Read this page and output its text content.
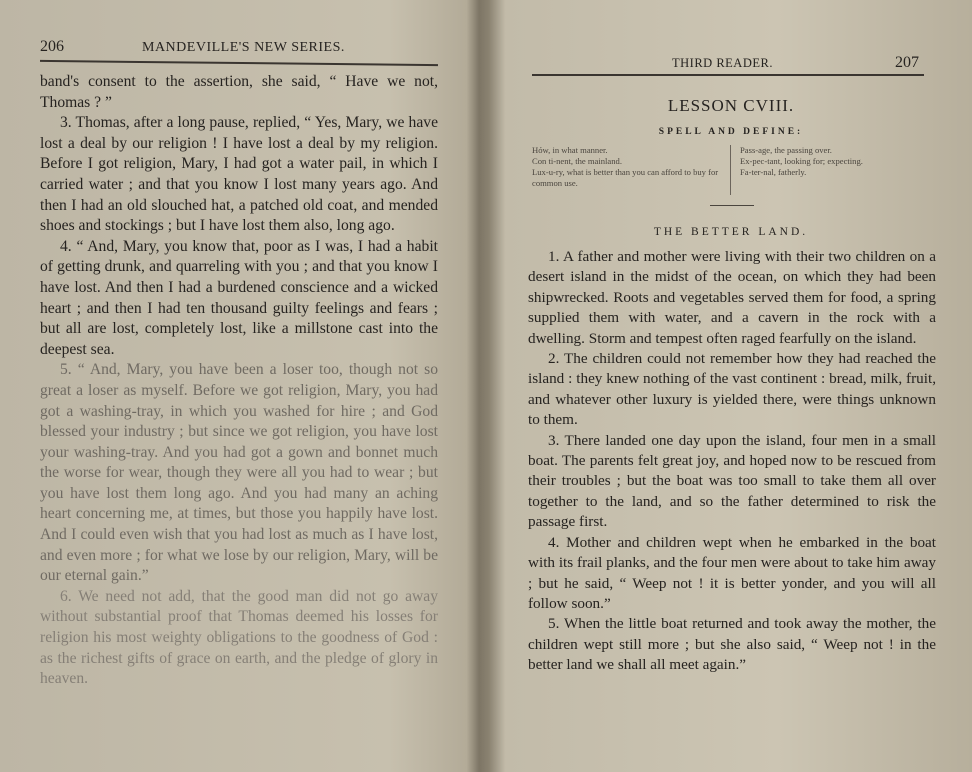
206	MANDEVILLE'S NEW SERIES.

band's consent to the assertion, she said, “ Have we not, Thomas ? ”

3. Thomas, after a long pause, replied, “ Yes, Mary, we have lost a deal by our religion ! I have lost a deal by my religion. Before I got religion, Mary, I had got a water pail, in which I carried water ; and that you know I lost many years ago. And then I had an old slouched hat, a patched old coat, and mended shoes and stockings ; but I have lost them also, long ago.

4. “ And, Mary, you know that, poor as I was, I had a habit of getting drunk, and quarreling with you ; and that you know I have lost. And then I had a burdened conscience and a wicked heart ; and then I had ten thousand guilty feelings and fears ; but all are lost, completely lost, like a millstone cast into the deepest sea.

5. “ And, Mary, you have been a loser too, though not so great a loser as myself. Before we got religion, Mary, you had got a washing-tray, in which you washed for hire ; and God blessed your industry ; but since we got religion, you have lost your washing-tray. And you had got a gown and bonnet much the worse for wear, though they were all you had to wear ; but you have lost them long ago. And you had many an aching heart concerning me, at times, but those you happily have lost. And I could even wish that you had lost as much as I have lost, and even more ; for what we lose by our religion, Mary, will be our eternal gain.”

6. We need not add, that the good man did not go away without substantial proof that Thomas deemed his losses for religion his most weighty obligations to the goodness of God : as the richest gifts of grace on earth, and the pledge of glory in heaven.

THIRD READER.	207
LESSON CVIII.
SPELL AND DEFINE:
Hów, in what manner.
Con ti-nent, the mainland.
Lux-u-ry, what is better than you can afford to buy for common use.
Pass-age, the passing over.
Ex-pec-tant, looking for; expecting.
Fa-ter-nal, fatherly.
THE BETTER LAND.

1. A father and mother were living with their two children on a desert island in the midst of the ocean, on which they had been shipwrecked. Roots and vegetables served them for food, a spring supplied them with water, and a cavern in the rock with a dwelling. Storm and tempest often raged fearfully on the island.

2. The children could not remember how they had reached the island : they knew nothing of the vast continent : bread, milk, fruit, and whatever other luxury is yielded there, were things unknown to them.

3. There landed one day upon the island, four men in a small boat. The parents felt great joy, and hoped now to be rescued from their troubles ; but the boat was too small to take them all over together to the land, and so the father determined to risk the passage first.

4. Mother and children wept when he embarked in the boat with its frail planks, and the four men were about to take him away ; but he said, “ Weep not ! it is better yonder, and you will all follow soon.”

5. When the little boat returned and took away the mother, the children wept still more ; but she also said, “ Weep not ! in the better land we shall all meet again.”
